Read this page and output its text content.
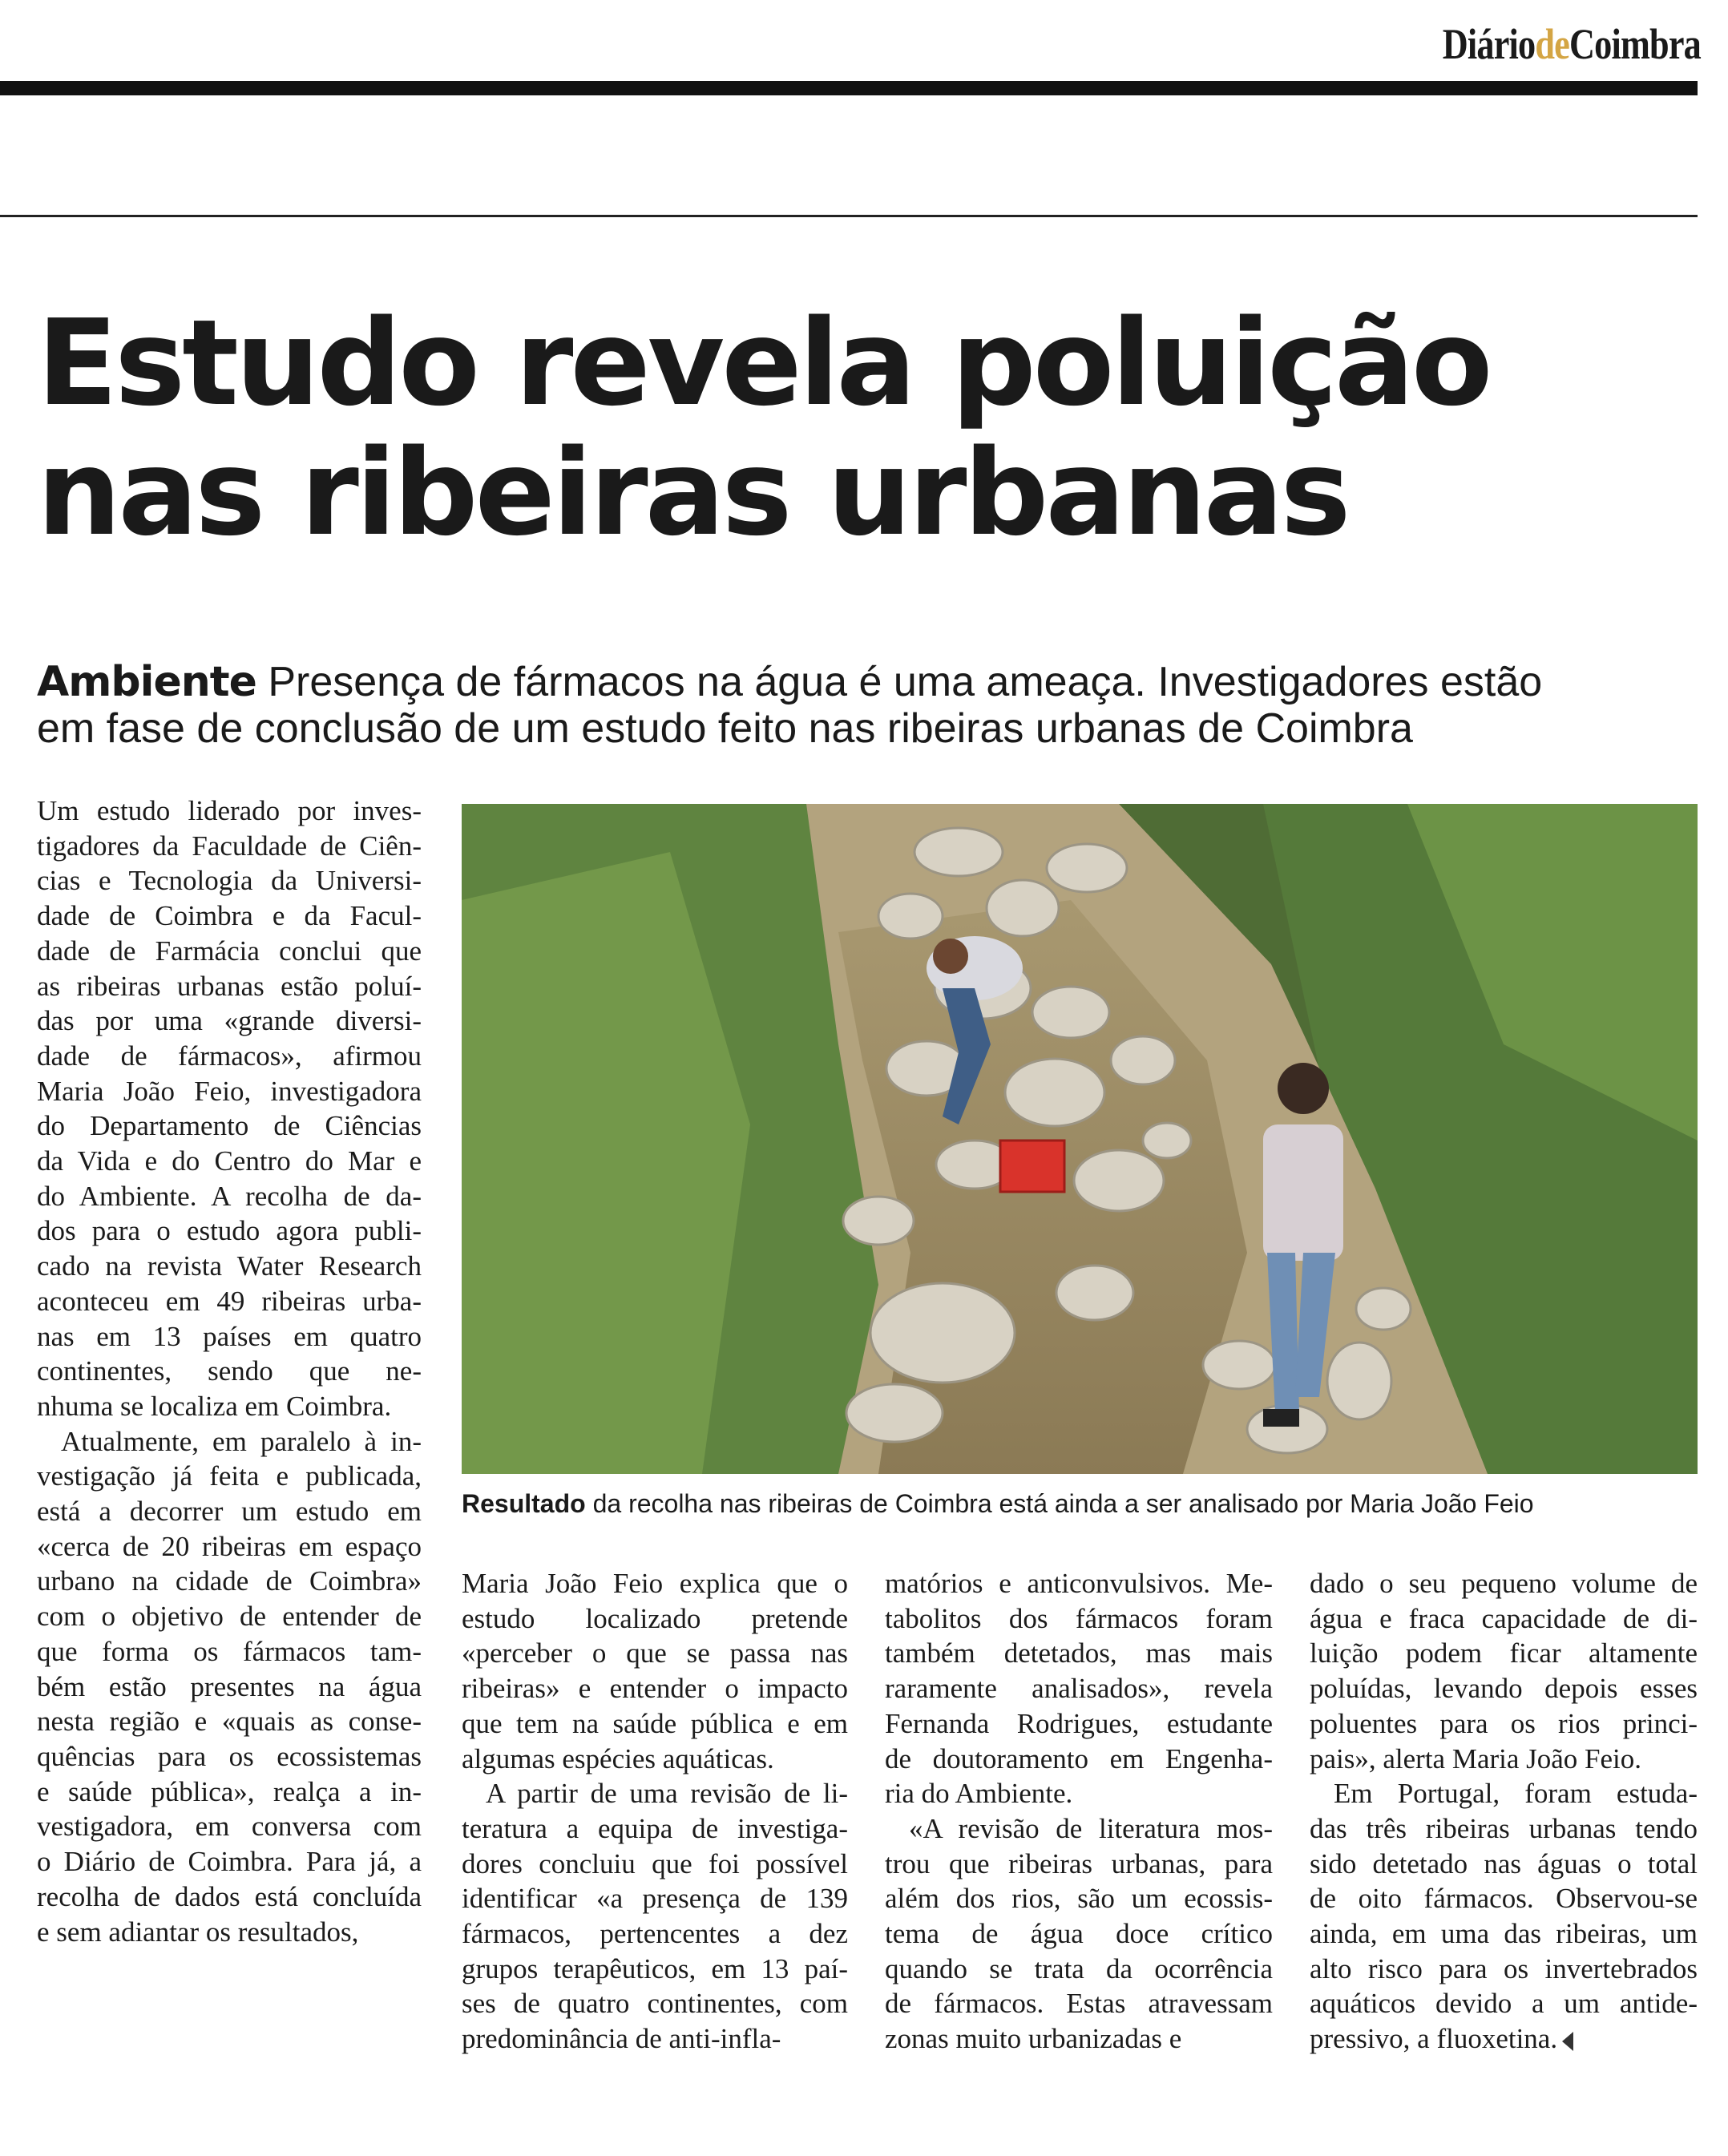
DiáriodeCoimbra
Estudo revela poluição
nas ribeiras urbanas
Ambiente Presença de fármacos na água é uma ameaça. Investigadores estão
em fase de conclusão de um estudo feito nas ribeiras urbanas de Coimbra
Um estudo liderado por inves-
tigadores da Faculdade de Ciên-
cias e Tecnologia da Universi-
dade de Coimbra e da Facul-
dade de Farmácia conclui que
as ribeiras urbanas estão poluí-
das por uma «grande diversi-
dade de fármacos», afirmou
Maria João Feio, investigadora
do Departamento de Ciências
da Vida e do Centro do Mar e
do Ambiente. A recolha de da-
dos para o estudo agora publi-
cado na revista Water Research
aconteceu em 49 ribeiras urba-
nas em 13 países em quatro
continentes, sendo que ne-
nhuma se localiza em Coimbra.
Atualmente, em paralelo à in-
vestigação já feita e publicada,
está a decorrer um estudo em
«cerca de 20 ribeiras em espaço
urbano na cidade de Coimbra»
com o objetivo de entender de
que forma os fármacos tam-
bém estão presentes na água
nesta região e «quais as conse-
quências para os ecossistemas
e saúde pública», realça a in-
vestigadora, em conversa com
o Diário de Coimbra. Para já, a
recolha de dados está concluída
e sem adiantar os resultados,
Resultado da recolha nas ribeiras de Coimbra está ainda a ser analisado por Maria João Feio
Maria João Feio explica que o
estudo localizado pretende
«perceber o que se passa nas
ribeiras» e entender o impacto
que tem na saúde pública e em
algumas espécies aquáticas.
A partir de uma revisão de li-
teratura a equipa de investiga-
dores concluiu que foi possível
identificar «a presença de 139
fármacos, pertencentes a dez
grupos terapêuticos, em 13 paí-
ses de quatro continentes, com
predominância de anti-infla-
matórios e anticonvulsivos. Me-
tabolitos dos fármacos foram
também detetados, mas mais
raramente analisados», revela
Fernanda Rodrigues, estudante
de doutoramento em Engenha-
ria do Ambiente.
«A revisão de literatura mos-
trou que ribeiras urbanas, para
além dos rios, são um ecossis-
tema de água doce crítico
quando se trata da ocorrência
de fármacos. Estas atravessam
zonas muito urbanizadas e
dado o seu pequeno volume de
água e fraca capacidade de di-
luição podem ficar altamente
poluídas, levando depois esses
poluentes para os rios princi-
pais», alerta Maria João Feio.
Em Portugal, foram estuda-
das três ribeiras urbanas tendo
sido detetado nas águas o total
de oito fármacos. Observou-se
ainda, em uma das ribeiras, um
alto risco para os invertebrados
aquáticos devido a um antide-
pressivo, a fluoxetina.
